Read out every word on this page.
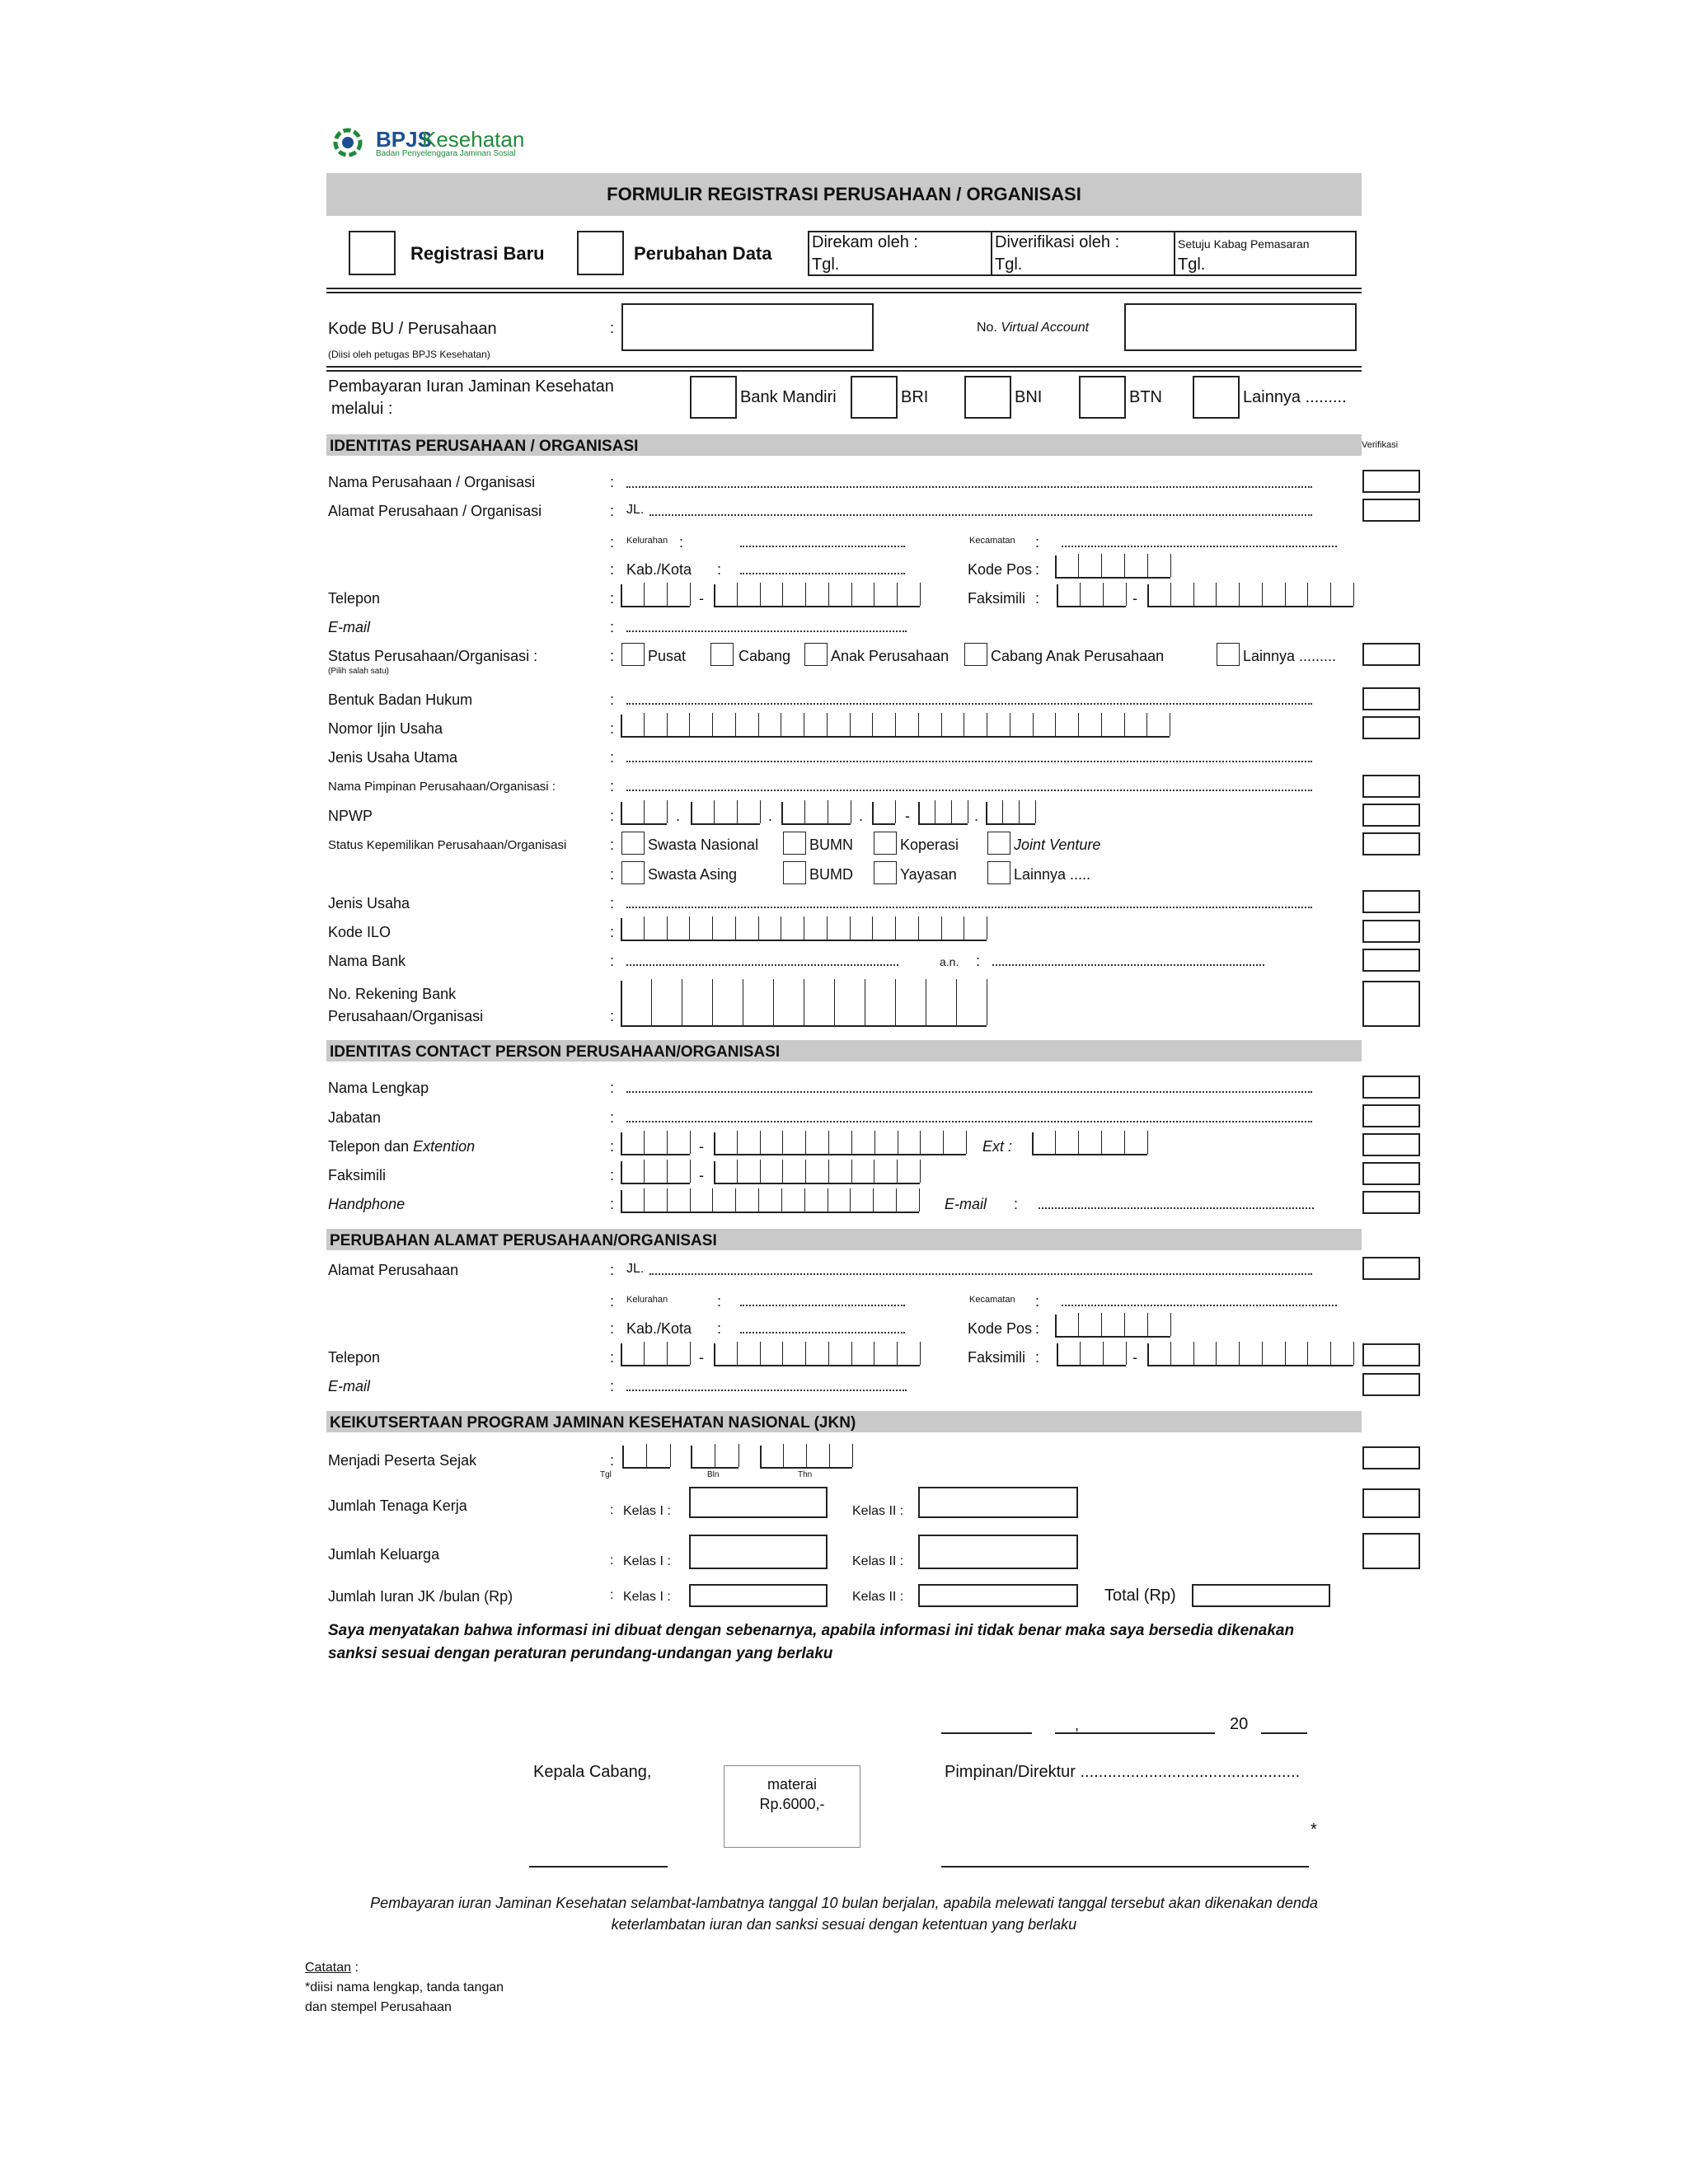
BPJS
Kesehatan
Badan Penyelenggara Jaminan Sosial
FORMULIR REGISTRASI PERUSAHAAN / ORGANISASI
Registrasi Baru	Perubahan Data
Direkam oleh :
Tgl.
Diverifikasi oleh :
Tgl.
Setuju Kabag Pemasaran
Tgl.
Kode BU / Perusahaan	:
(Diisi oleh petugas BPJS Kesehatan)
No. Virtual Account
Pembayaran Iuran Jaminan Kesehatan
melalui :
Bank Mandiri	BRI	BNI	BTN	Lainnya .........
IDENTITAS PERUSAHAAN / ORGANISASI	Verifikasi
Nama Perusahaan / Organisasi	:
Alamat Perusahaan / Organisasi	: JL.
: Kelurahan :	Kecamatan :
: Kab./Kota :	Kode Pos :
Telepon	:	-	Faksimili :	-
E-mail	:
Status Perusahaan/Organisasi :
(Pilih salah satu)
: Pusat	Cabang	Anak Perusahaan	Cabang Anak Perusahaan	Lainnya .........
Bentuk Badan Hukum	:
Nomor Ijin Usaha	:
Jenis Usaha Utama	:
Nama Pimpinan Perusahaan/Organisasi :	:
NPWP	:	.	.	.	-	.
Status Kepemilikan Perusahaan/Organisasi	: Swasta Nasional	BUMN	Koperasi	Joint Venture
: Swasta Asing	BUMD	Yayasan	Lainnya .....
Jenis Usaha	:
Kode ILO	:
Nama Bank	:	a.n. :
No. Rekening Bank
Perusahaan/Organisasi	:
IDENTITAS CONTACT PERSON PERUSAHAAN/ORGANISASI
Nama Lengkap	:
Jabatan	:
Telepon dan Extention	:	-	Ext :
Faksimili	:	-
Handphone	:	E-mail :
PERUBAHAN ALAMAT PERUSAHAAN/ORGANISASI
Alamat Perusahaan	: JL.
: Kelurahan	:	Kecamatan :
: Kab./Kota :	Kode Pos :
Telepon	:	-	Faksimili :	-
E-mail	:
KEIKUTSERTAAN PROGRAM JAMINAN KESEHATAN NASIONAL (JKN)
Menjadi Peserta Sejak	:
Tgl	Bln	Thn
Jumlah Tenaga Kerja	: Kelas I :	Kelas II :
Jumlah Keluarga	: Kelas I :	Kelas II :
Jumlah Iuran JK /bulan (Rp)	: Kelas I :	Kelas II :	Total (Rp)
Saya menyatakan bahwa informasi ini dibuat dengan sebenarnya, apabila informasi ini tidak benar maka saya bersedia dikenakan
sanksi sesuai dengan peraturan perundang-undangan yang berlaku
,	20
Kepala Cabang,
materai
Rp.6000,-
Pimpinan/Direktur ................................................
*
Pembayaran iuran Jaminan Kesehatan selambat-lambatnya tanggal 10 bulan berjalan, apabila melewati tanggal tersebut akan dikenakan denda
keterlambatan iuran dan sanksi sesuai dengan ketentuan yang berlaku
Catatan :
*diisi nama lengkap, tanda tangan
dan stempel Perusahaan
